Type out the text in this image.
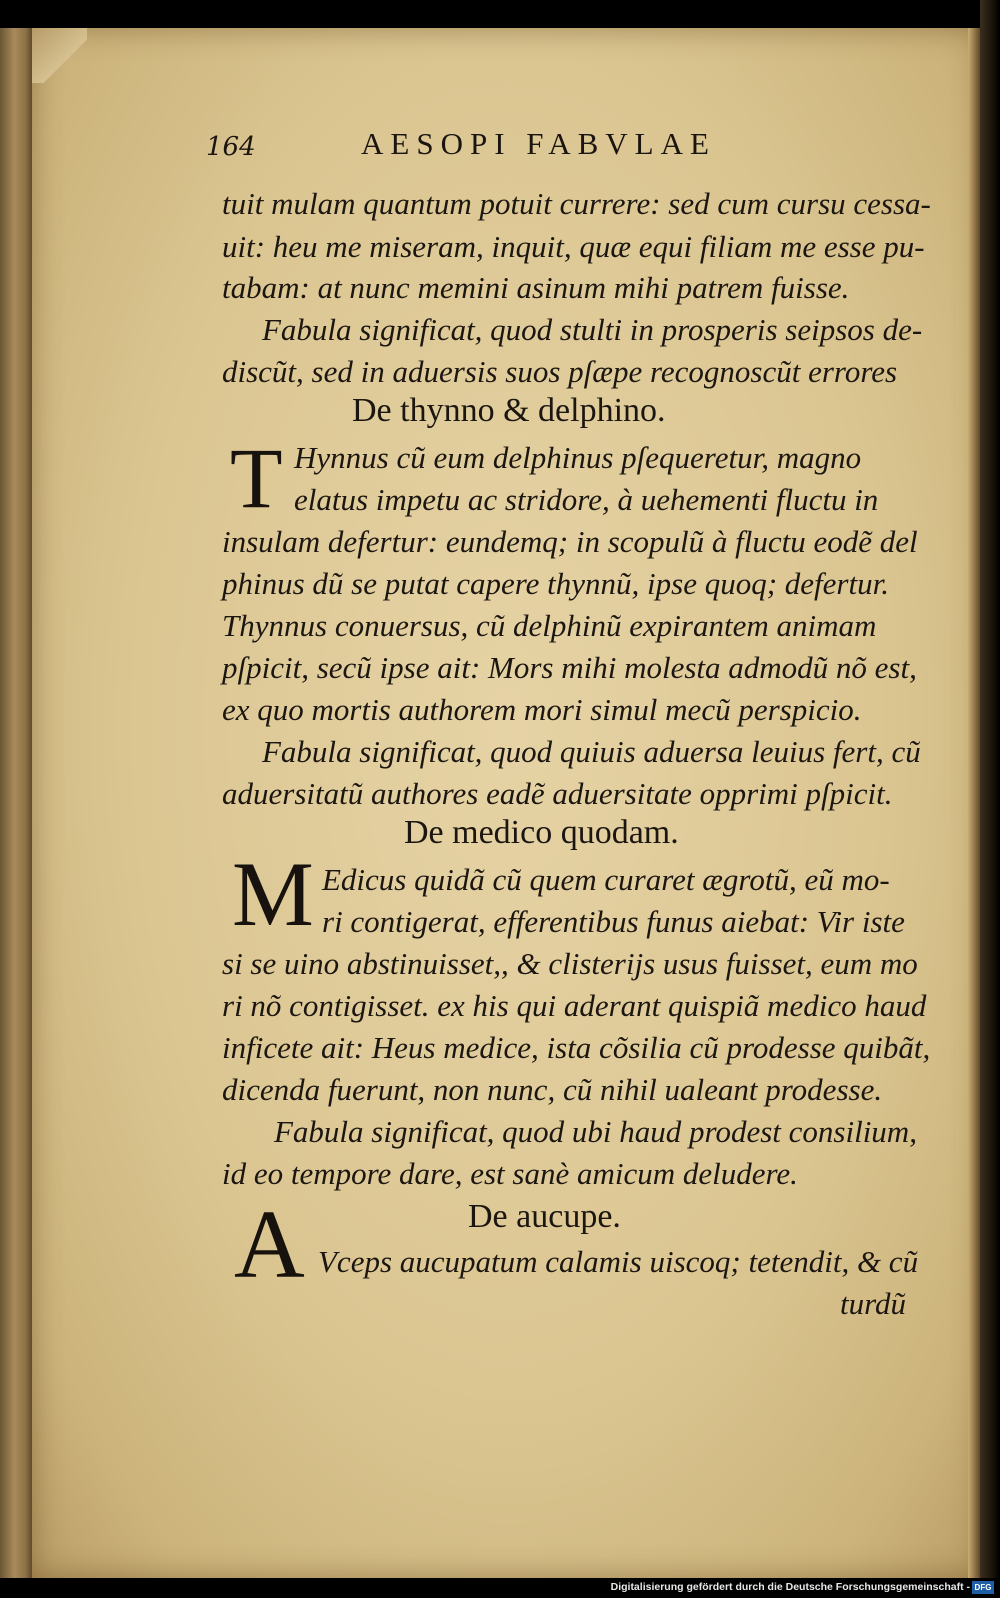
164	AESOPI FABVLAE
tuit mulam quantum potuit currere: sed cum cursu cessa-
uit: heu me miseram, inquit, quæ equi filiam me esse pu-
tabam: at nunc memini asinum mihi patrem fuisse.
Fabula significat, quod stulti in prosperis seipsos de-
discũt, sed in aduersis suos pſæpe recognoscũt errores
De thynno & delphino.
T Hynnus cũ eum delphinus pſequeretur, magno
elatus impetu ac stridore, à uehementi fluctu in
insulam defertur: eundemq; in scopulũ à fluctu eodẽ del
phinus dũ se putat capere thynnũ, ipse quoq; defertur.
Thynnus conuersus, cũ delphinũ expirantem animam
pſpicit, secũ ipse ait: Mors mihi molesta admodũ nõ est,
ex quo mortis authorem mori simul mecũ perspicio.
Fabula significat, quod quiuis aduersa leuius fert, cũ
aduersitatũ authores eadẽ aduersitate opprimi pſpicit.
De medico quodam.
M Edicus quidã cũ quem curaret ægrotũ, eũ mo-
ri contigerat, efferentibus funus aiebat: Vir iste
si se uino abstinuisset,, & clisterijs usus fuisset, eum mo
ri nõ contigisset. ex his qui aderant quispiã medico haud
inficete ait: Heus medice, ista cõsilia cũ prodesse quibãt,
dicenda fuerunt, non nunc, cũ nihil ualeant prodesse.
Fabula significat, quod ubi haud prodest consilium,
id eo tempore dare, est sanè amicum deludere.
A	De aucupe.
Vceps aucupatum calamis uiscoq; tetendit, & cũ
turdũ
Digitalisierung gefördert durch die Deutsche Forschungsgemeinschaft - DFG
